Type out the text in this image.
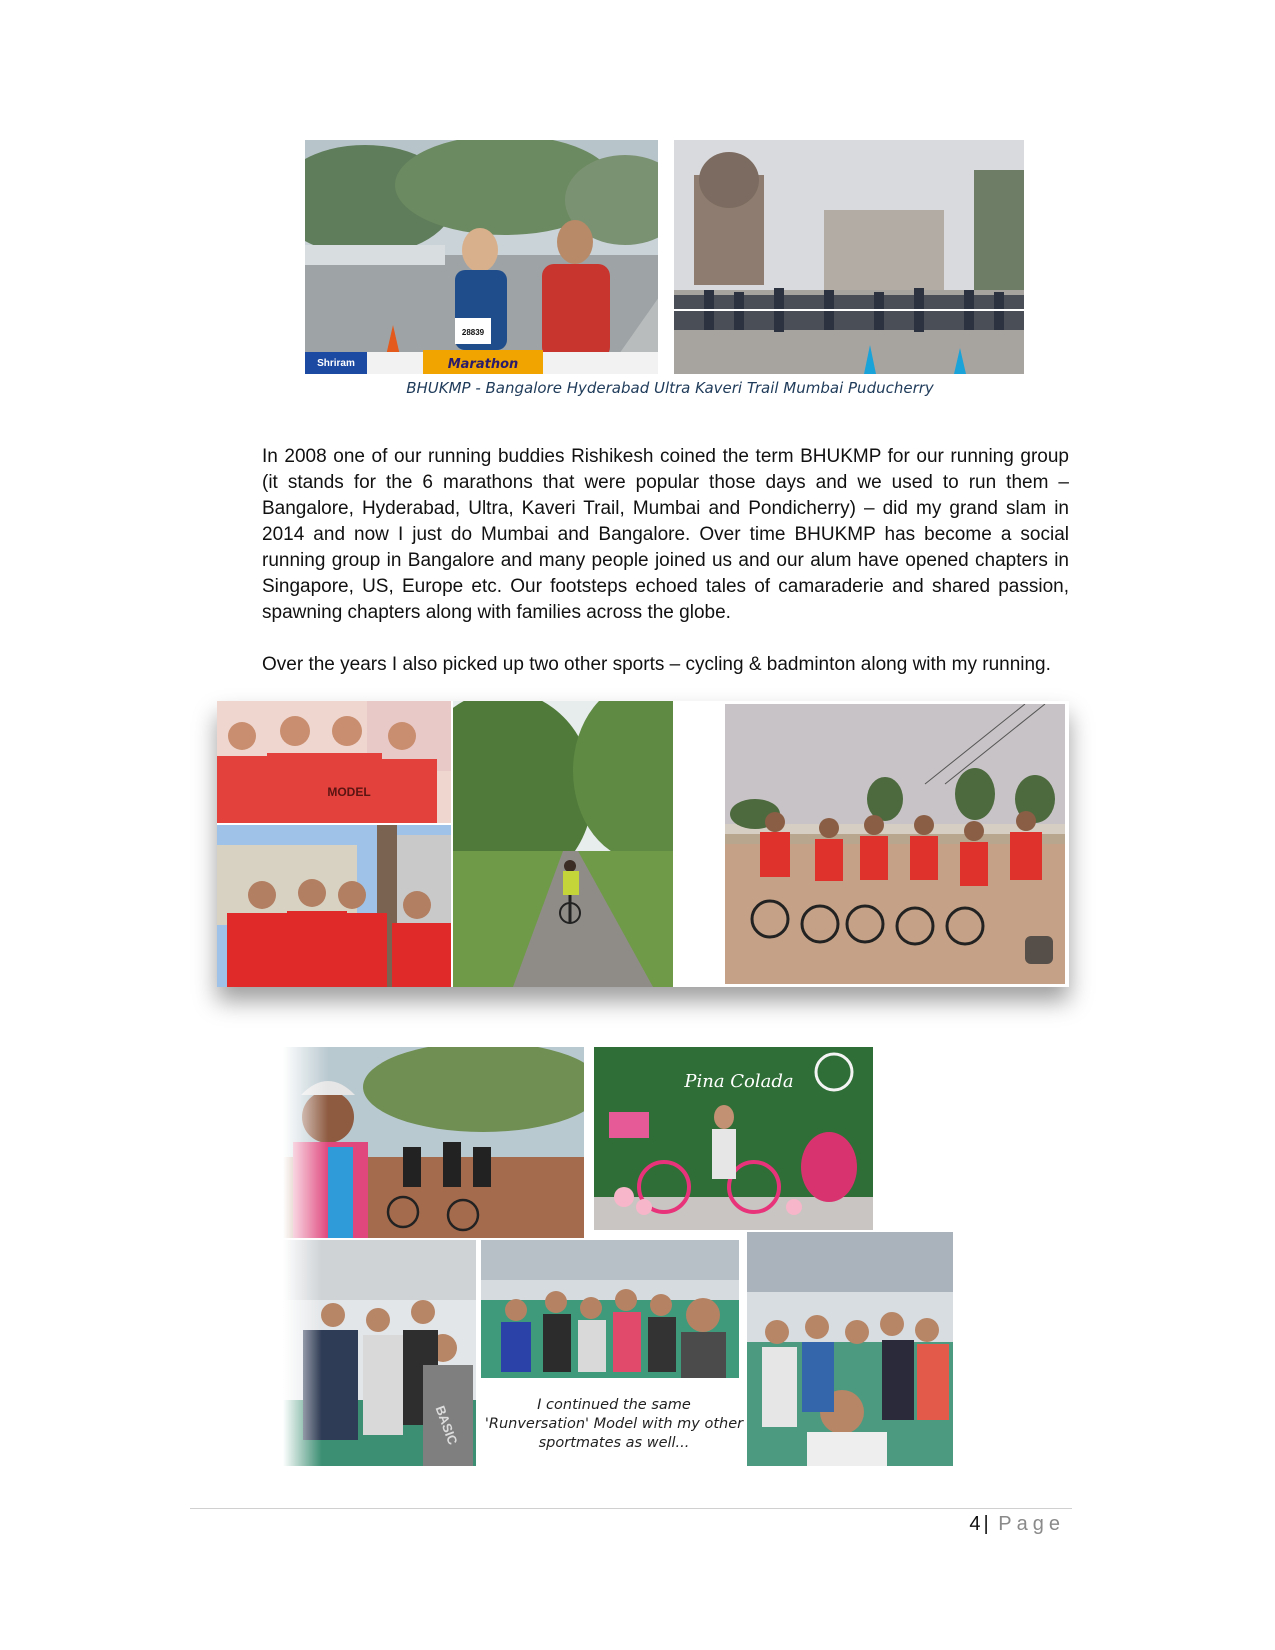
Marathon
Shriram
28839
BHUKMP - Bangalore Hyderabad Ultra Kaveri Trail Mumbai Puducherry

In 2008 one of our running buddies Rishikesh coined the term BHUKMP for our running group (it stands for the 6 marathons that were popular those days and we used to run them – Bangalore, Hyderabad, Ultra, Kaveri Trail, Mumbai and Pondicherry) – did my grand slam in 2014 and now I just do Mumbai and Bangalore. Over time BHUKMP has become a social running group in Bangalore and many people joined us and our alum have opened chapters in Singapore, US, Europe etc. Our footsteps echoed tales of camaraderie and shared passion, spawning chapters along with families across the globe.

Over the years I also picked up two other sports – cycling & badminton along with my running.

MODEL
Pina Colada
I continued the same 'Runversation' Model with my other sportmates as well...
4 | Page
